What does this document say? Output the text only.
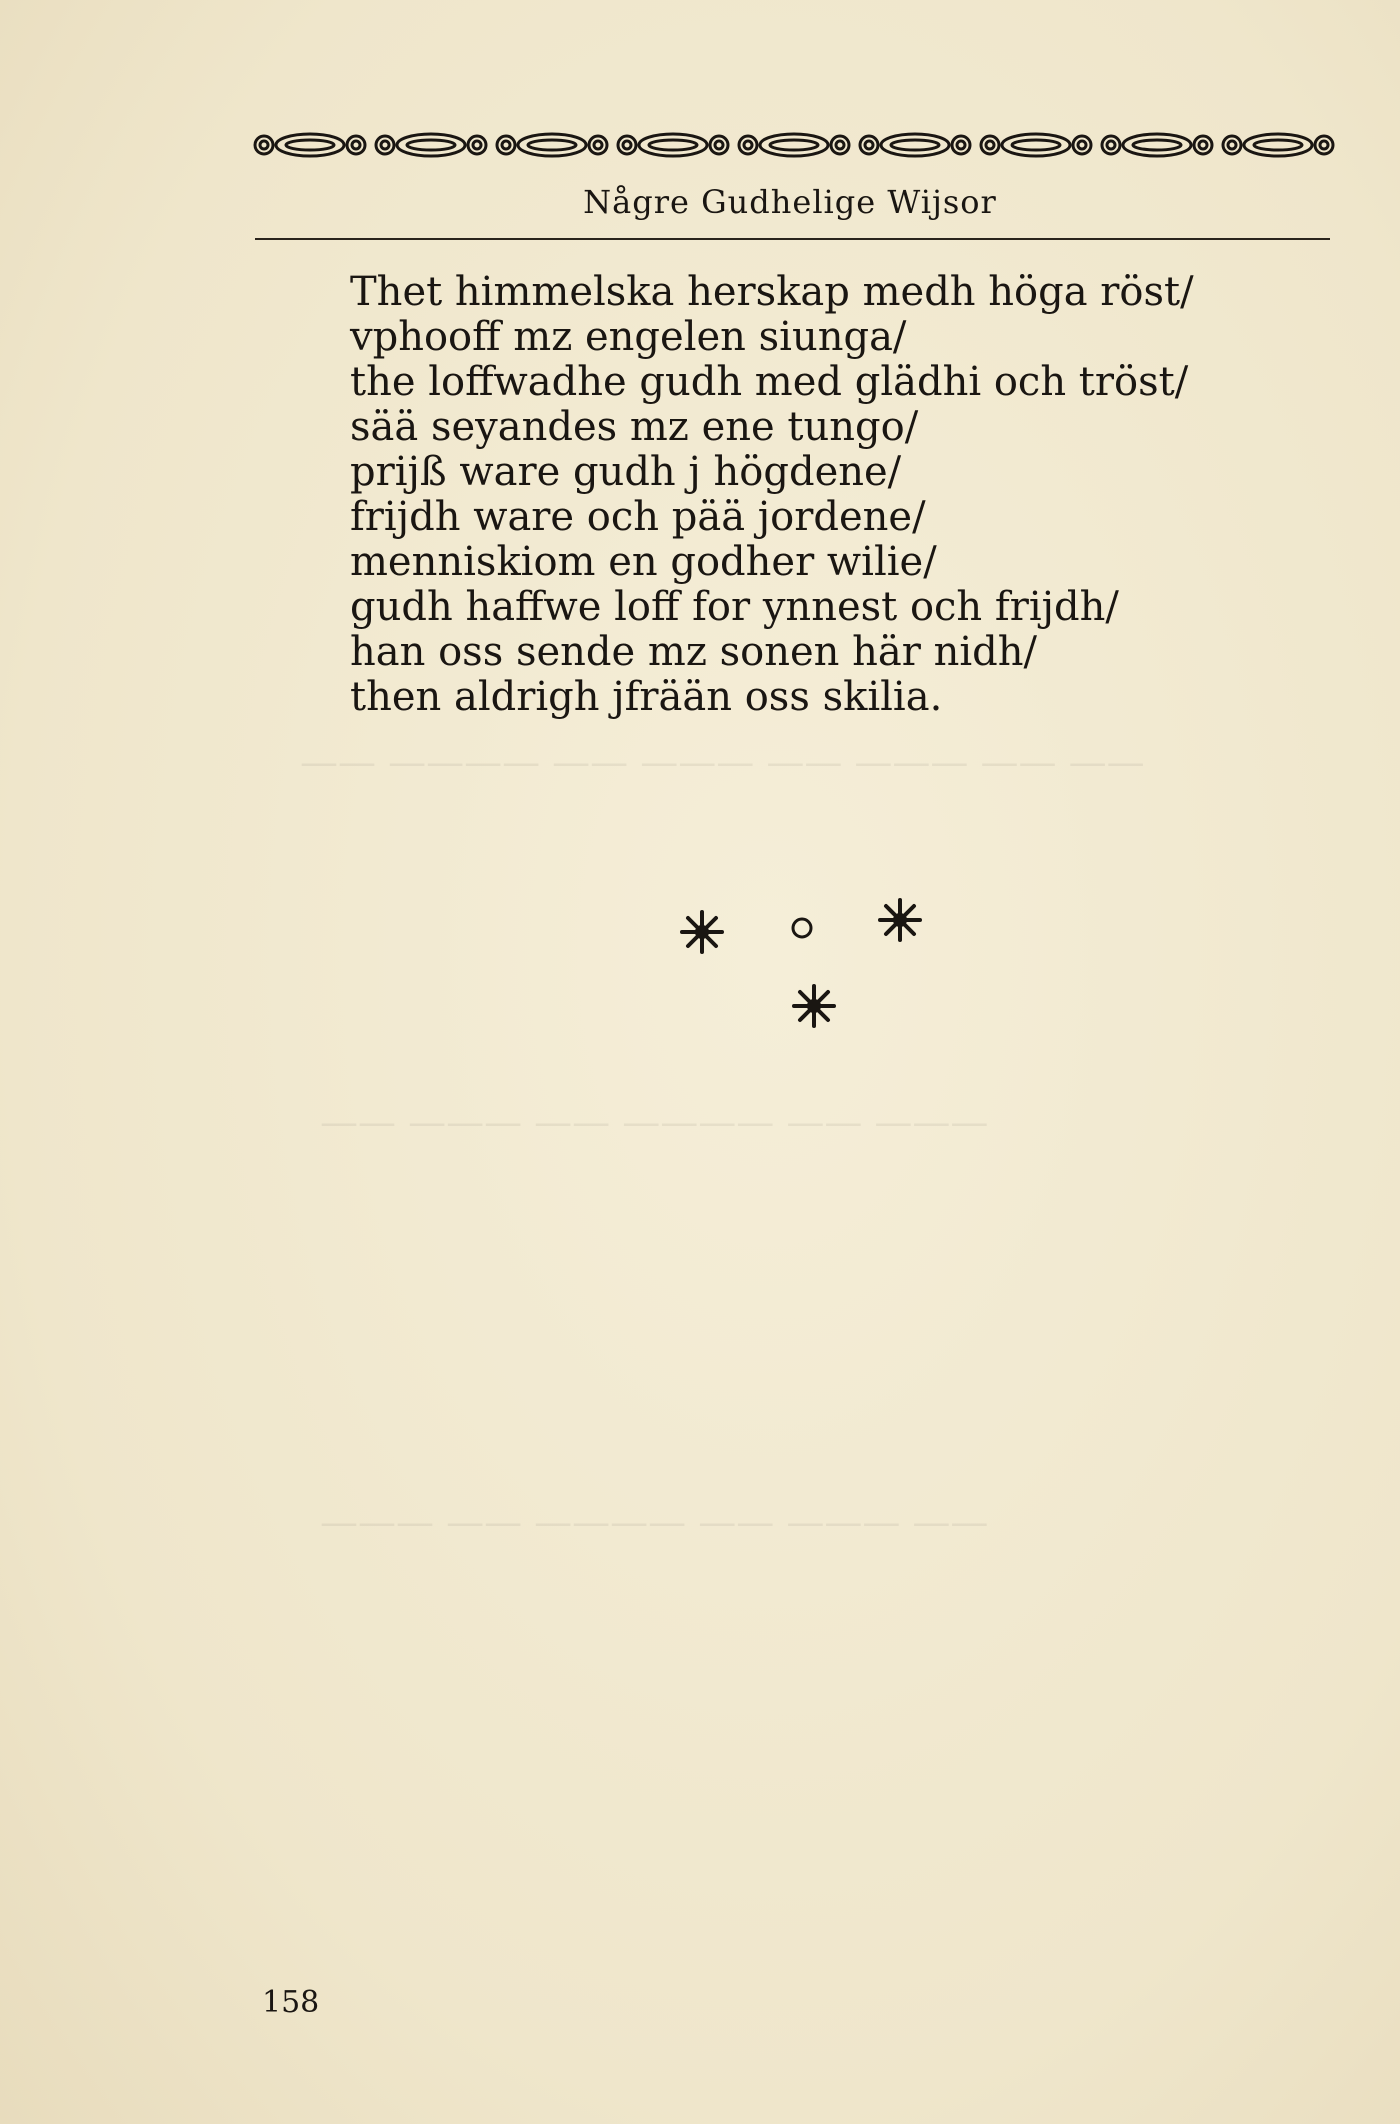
—— —— ——— —— ——— —— ———— ——
——— —— ———— —— ——— ——
—— ——— —— ———— —— ———
Någre Gudhelige Wijsor
Thet himmelska herskap medh höga röst/
vphooff mz engelen siunga/
the loffwadhe gudh med glädhi och tröst/
sää seyandes mz ene tungo/
prijß ware gudh j högdene/
frijdh ware och pää jordene/
menniskiom en godher wilie/
gudh haffwe loff for ynnest och frijdh/
han oss sende mz sonen här nidh/
then aldrigh jfrään oss skilia.
158
